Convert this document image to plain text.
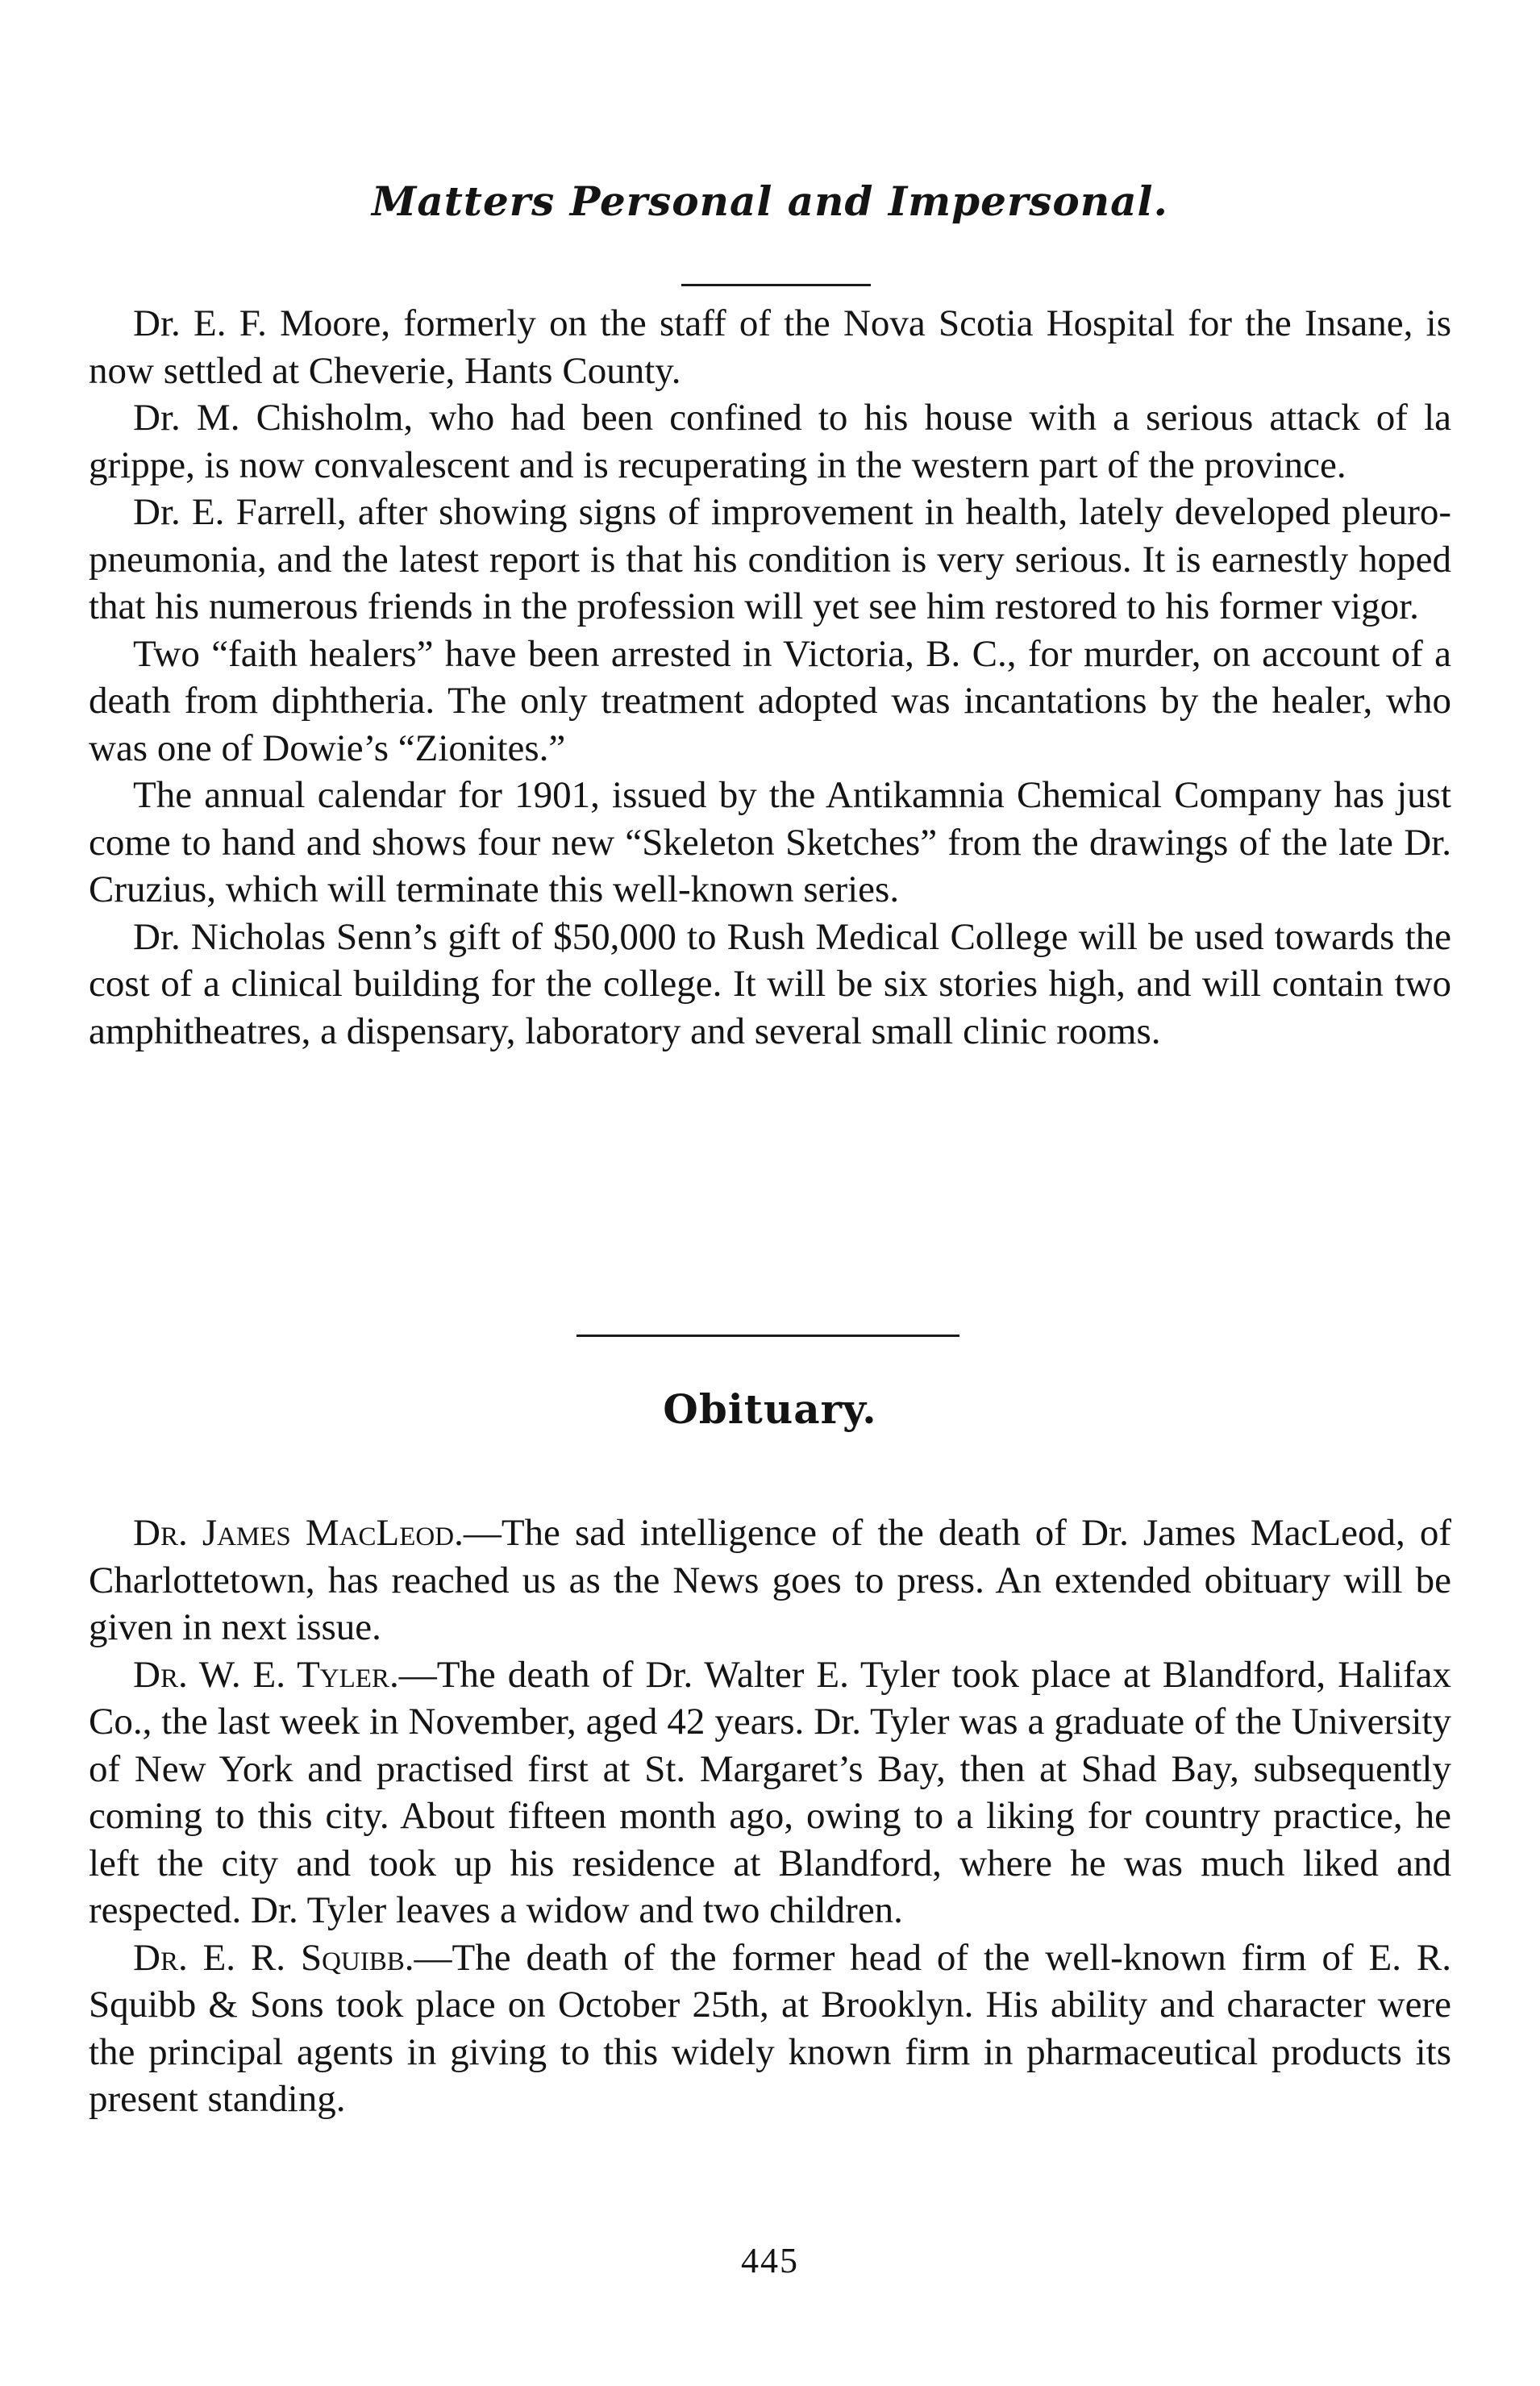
Matters Personal and Impersonal.

Dr. E. F. Moore, formerly on the staff of the Nova Scotia Hospital for the Insane, is now settled at Cheverie, Hants County.

Dr. M. Chisholm, who had been confined to his house with a serious attack of la grippe, is now convalescent and is recuperating in the western part of the province.

Dr. E. Farrell, after showing signs of improvement in health, lately developed pleuro-pneumonia, and the latest report is that his condition is very serious. It is earnestly hoped that his numerous friends in the profession will yet see him restored to his former vigor.

Two “faith healers” have been arrested in Victoria, B. C., for murder, on account of a death from diphtheria. The only treatment adopted was incantations by the healer, who was one of Dowie’s “Zionites.”

The annual calendar for 1901, issued by the Antikamnia Chemical Company has just come to hand and shows four new “Skeleton Sketches” from the drawings of the late Dr. Cruzius, which will terminate this well-known series.

Dr. Nicholas Senn’s gift of $50,000 to Rush Medical College will be used towards the cost of a clinical building for the college. It will be six stories high, and will contain two amphitheatres, a dispensary, laboratory and several small clinic rooms.

Obituary.

Dr. James MacLeod.—The sad intelligence of the death of Dr. James MacLeod, of Charlottetown, has reached us as the News goes to press. An extended obituary will be given in next issue.

Dr. W. E. Tyler.—The death of Dr. Walter E. Tyler took place at Blandford, Halifax Co., the last week in November, aged 42 years. Dr. Tyler was a graduate of the University of New York and practised first at St. Margaret’s Bay, then at Shad Bay, subsequently coming to this city. About fifteen month ago, owing to a liking for country practice, he left the city and took up his residence at Blandford, where he was much liked and respected. Dr. Tyler leaves a widow and two children.

Dr. E. R. Squibb.—The death of the former head of the well-known firm of E. R. Squibb & Sons took place on October 25th, at Brooklyn. His ability and character were the principal agents in giving to this widely known firm in pharmaceutical products its present standing.

445
